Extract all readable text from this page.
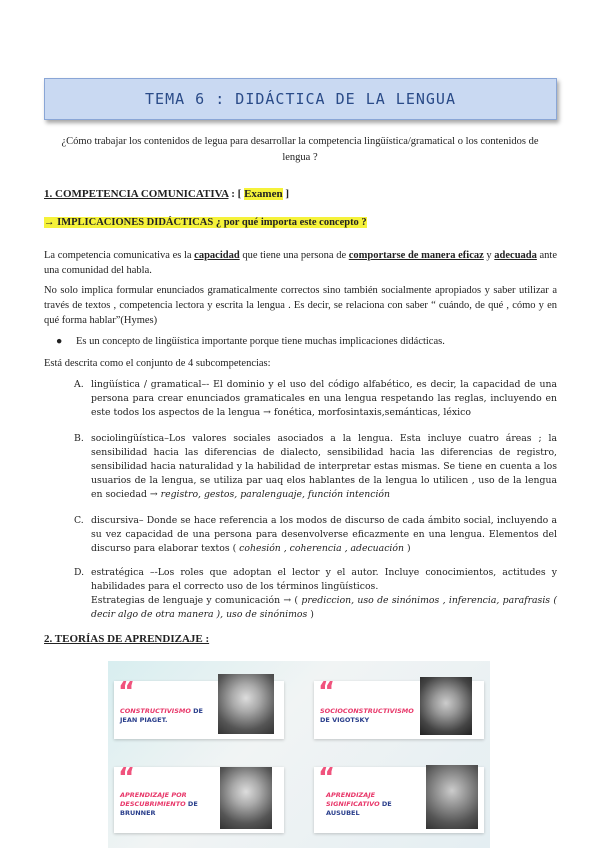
TEMA 6 : DIDÁCTICA DE LA LENGUA
¿Cómo trabajar los contenidos de legua para desarrollar la competencia lingüística/gramatical o los contenidos de lengua ?
1. COMPETENCIA COMUNICATIVA : [ Examen ]
→ IMPLICACIONES DIDÁCTICAS ¿ por qué importa este concepto ?
La competencia comunicativa es la capacidad que tiene una persona de comportarse de manera eficaz y adecuada ante una comunidad del habla.
No solo implica formular enunciados gramaticalmente correctos sino también socialmente apropiados y saber utilizar a través de textos , competencia lectora y escrita la lengua . Es decir, se relaciona con saber “ cuándo, de qué , cómo y en qué forma hablar”(Hymes)
● Es un concepto de lingüística importante porque tiene muchas implicaciones didácticas.
Está descrita como el conjunto de 4 subcompetencias:
A. lingüística / gramatical–- El dominio y el uso del código alfabético, es decir, la capacidad de una persona para crear enunciados gramaticales en una lengua respetando las reglas, incluyendo en este todos los aspectos de la lengua → fonética, morfosintaxis,semánticas, léxico
B. sociolingüística–Los valores sociales asociados a la lengua. Esta incluye cuatro áreas ; la sensibilidad hacia las diferencias de dialecto, sensibilidad hacia las diferencias de registro, sensibilidad hacia naturalidad y la habilidad de interpretar estas mismas. Se tiene en cuenta a los usuarios de la lengua, se utiliza par uaq elos hablantes de la lengua lo utilicen , uso de la lengua en sociedad → registro, gestos, paralenguaje, función intención
C. discursiva– Donde se hace referencia a los modos de discurso de cada ámbito social, incluyendo a su vez capacidad de una persona para desenvolverse eficazmente en una lengua. Elementos del discurso para elaborar textos ( cohesión , coherencia , adecuación )
D. estratégica –-Los roles que adoptan el lector y el autor. Incluye conocimientos, actitudes y habilidades para el correcto uso de los términos lingüísticos.
Estrategias de lenguaje y comunicación → ( prediccion, uso de sinónimos , inferencia, parafrasis ( decir algo de otra manera ), uso de sinónimos )
2. TEORÍAS DE APRENDIZAJE :
“
CONSTRUCTIVISMO DE
JEAN PIAGET.
“
SOCIOCONSTRUCTIVISMO
DE VIGOTSKY
“
APRENDIZAJE POR DESCUBRIMIENTO DE
BRUNNER
“
APRENDIZAJE SIGNIFICATIVO DE
AUSUBEL
